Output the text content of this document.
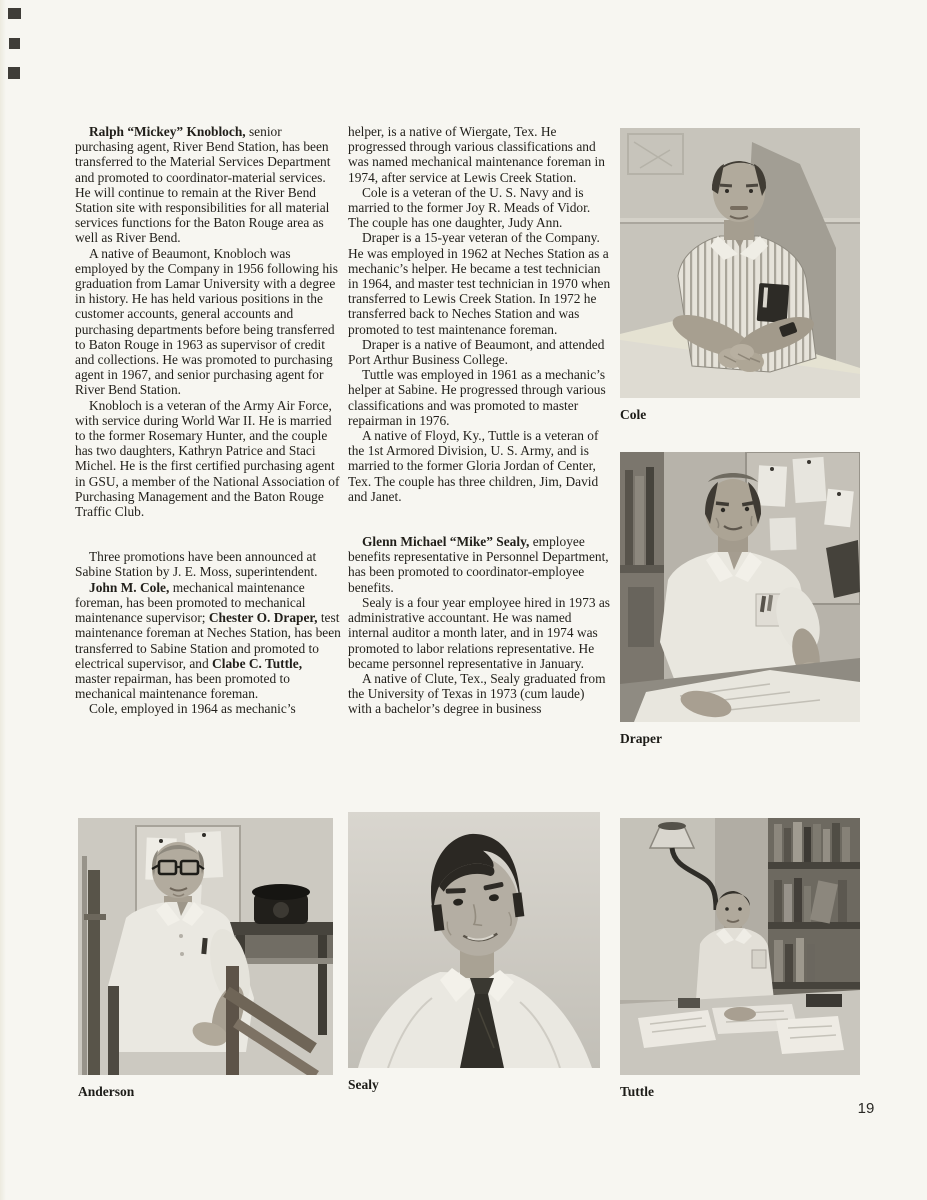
Ralph “Mickey” Knobloch, senior purchasing agent, River Bend Station, has been transferred to the Material Services Department and promoted to coordinator-material services. He will continue to remain at the River Bend Station site with responsibilities for all material services functions for the Baton Rouge area as well as River Bend.

A native of Beaumont, Knobloch was employed by the Company in 1956 following his graduation from Lamar University with a degree in history. He has held various positions in the customer accounts, general accounts and purchasing departments before being transferred to Baton Rouge in 1963 as supervisor of credit and collections. He was promoted to purchasing agent in 1967, and senior purchasing agent for River Bend Station.

Knobloch is a veteran of the Army Air Force, with service during World War II. He is married to the former Rosemary Hunter, and the couple has two daughters, Kathryn Patrice and Staci Michel. He is the first certified purchasing agent in GSU, a member of the National Association of Purchasing Management and the Baton Rouge Traffic Club.

Three promotions have been announced at Sabine Station by J. E. Moss, superintendent.

John M. Cole, mechanical maintenance foreman, has been promoted to mechanical maintenance supervisor; Chester O. Draper, test maintenance foreman at Neches Station, has been transferred to Sabine Station and promoted to electrical supervisor, and Clabe C. Tuttle, master repairman, has been promoted to mechanical maintenance foreman.

Cole, employed in 1964 as mechanic’s

helper, is a native of Wiergate, Tex. He progressed through various classifications and was named mechanical maintenance foreman in 1974, after service at Lewis Creek Station.

Cole is a veteran of the U. S. Navy and is married to the former Joy R. Meads of Vidor. The couple has one daughter, Judy Ann.

Draper is a 15-year veteran of the Company. He was employed in 1962 at Neches Station as a mechanic’s helper. He became a test technician in 1964, and master test technician in 1970 when transferred to Lewis Creek Station. In 1972 he transferred back to Neches Station and was promoted to test maintenance foreman.

Draper is a native of Beaumont, and attended Port Arthur Business College.

Tuttle was employed in 1961 as a mechanic’s helper at Sabine. He progressed through various classifications and was promoted to master repairman in 1976.

A native of Floyd, Ky., Tuttle is a veteran of the 1st Armored Division, U. S. Army, and is married to the former Gloria Jordan of Center, Tex. The couple has three children, Jim, David and Janet.

Glenn Michael “Mike” Sealy, employee benefits representative in Personnel Department, has been promoted to coordinator-employee benefits.

Sealy is a four year employee hired in 1973 as administrative accountant. He was named internal auditor a month later, and in 1974 was promoted to labor relations representative. He became personnel representative in January.

A native of Clute, Tex., Sealy graduated from the University of Texas in 1973 (cum laude) with a bachelor’s degree in business

Cole
Draper
Anderson	Sealy	Tuttle
19
